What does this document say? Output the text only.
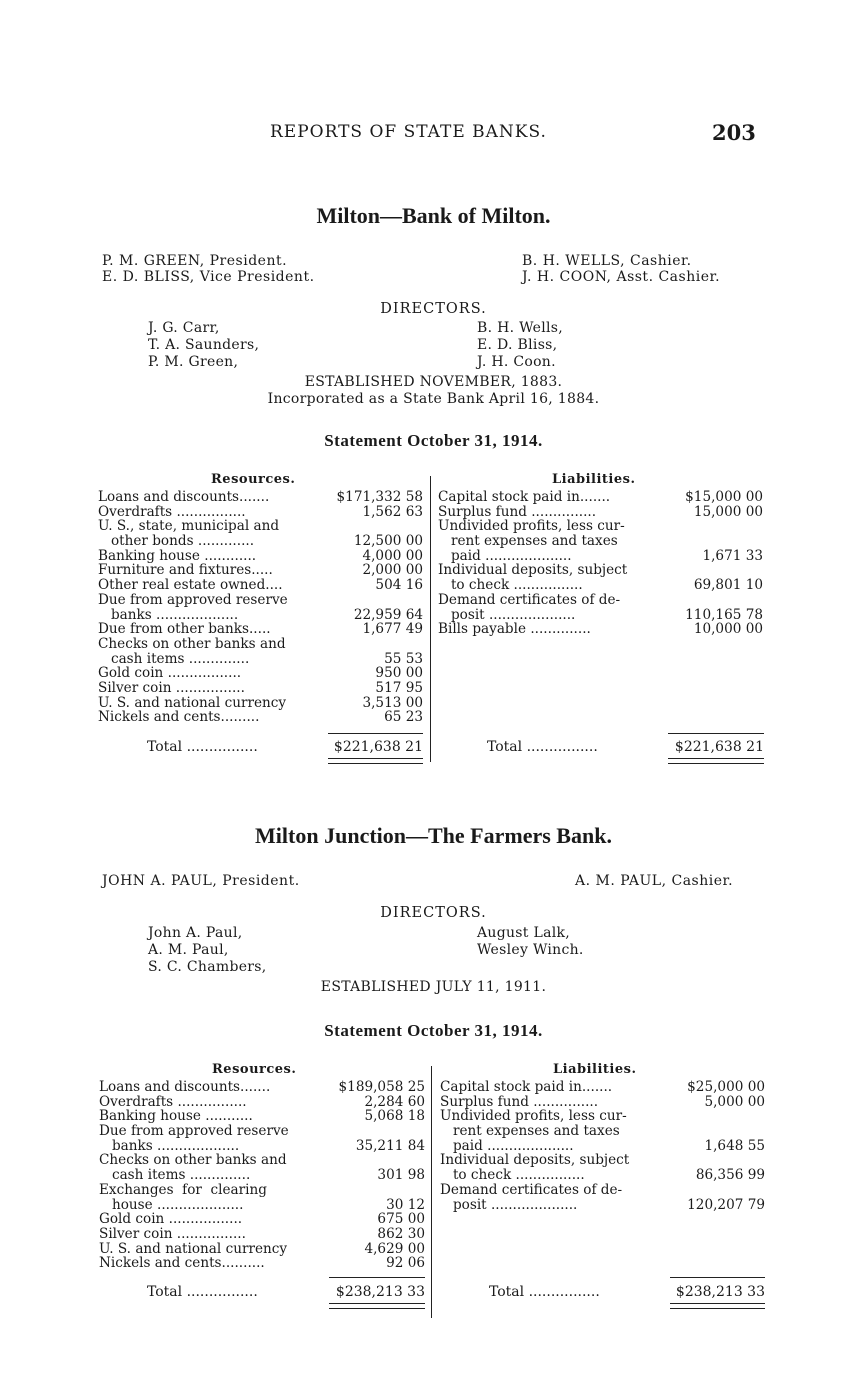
REPORTS OF STATE BANKS.	203
Milton—Bank of Milton.
P. M. GREEN, President.
E. D. BLISS, Vice President.
B. H. WELLS, Cashier.
J. H. COON, Asst. Cashier.
DIRECTORS.
J. G. Carr,
T. A. Saunders,
P. M. Green,
B. H. Wells,
E. D. Bliss,
J. H. Coon.
ESTABLISHED NOVEMBER, 1883.
Incorporated as a State Bank April 16, 1884.
Statement October 31, 1914.
Resources.	Liabilities.
Loans and discounts.......	$171,332 58
Overdrafts ................	1,562 63
U. S., state, municipal and
other bonds .............	12,500 00
Banking house ............	4,000 00
Furniture and fixtures.....	2,000 00
Other real estate owned....	504 16
Due from approved reserve
banks ...................	22,959 64
Due from other banks.....	1,677 49
Checks on other banks and
cash items ..............	55 53
Gold coin .................	950 00
Silver coin ................	517 95
U. S. and national currency	3,513 00
Nickels and cents.........	65 23
Capital stock paid in.......	$15,000 00
Surplus fund ...............	15,000 00
Undivided profits, less cur-
rent expenses and taxes
paid ....................	1,671 33
Individual deposits, subject
to check ................	69,801 10
Demand certificates of de-
posit ....................	110,165 78
Bills payable ..............	10,000 00
Total ................	$221,638 21	Total ................	$221,638 21
Milton Junction—The Farmers Bank.
JOHN A. PAUL, President.	A. M. PAUL, Cashier.
DIRECTORS.
John A. Paul,
A. M. Paul,
S. C. Chambers,
August Lalk,
Wesley Winch.
ESTABLISHED JULY 11, 1911.
Statement October 31, 1914.
Resources.	Liabilities.
Loans and discounts.......	$189,058 25
Overdrafts ................	2,284 60
Banking house ...........	5,068 18
Due from approved reserve
banks ...................	35,211 84
Checks on other banks and
cash items ..............	301 98
Exchanges  for  clearing
house ....................	30 12
Gold coin .................	675 00
Silver coin ................	862 30
U. S. and national currency	4,629 00
Nickels and cents..........	92 06
Capital stock paid in.......	$25,000 00
Surplus fund ...............	5,000 00
Undivided profits, less cur-
rent expenses and taxes
paid ....................	1,648 55
Individual deposits, subject
to check ................	86,356 99
Demand certificates of de-
posit ....................	120,207 79
Total ................	$238,213 33	Total ................	$238,213 33
